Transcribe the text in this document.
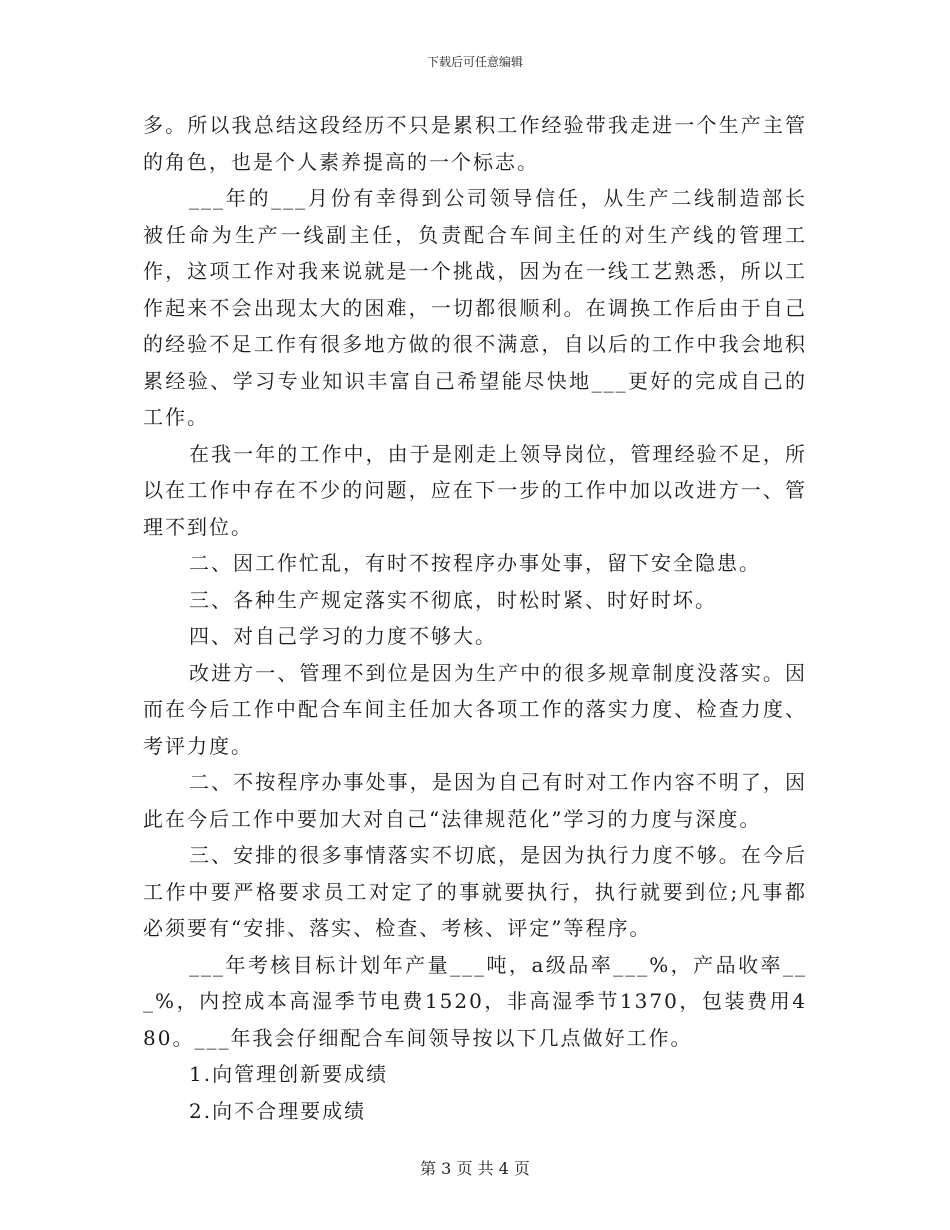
下载后可任意编辑

多。所以我总结这段经历不只是累积工作经验带我走进一个生产主管的角色，也是个人素养提高的一个标志。

___年的___月份有幸得到公司领导信任，从生产二线制造部长被任命为生产一线副主任，负责配合车间主任的对生产线的管理工作，这项工作对我来说就是一个挑战，因为在一线工艺熟悉，所以工作起来不会出现太大的困难，一切都很顺利。在调换工作后由于自己的经验不足工作有很多地方做的很不满意，自以后的工作中我会地积累经验、学习专业知识丰富自己希望能尽快地___更好的完成自己的工作。

在我一年的工作中，由于是刚走上领导岗位，管理经验不足，所以在工作中存在不少的问题，应在下一步的工作中加以改进方一、管理不到位。

二、因工作忙乱，有时不按程序办事处事，留下安全隐患。

三、各种生产规定落实不彻底，时松时紧、时好时坏。

四、对自己学习的力度不够大。

改进方一、管理不到位是因为生产中的很多规章制度没落实。因而在今后工作中配合车间主任加大各项工作的落实力度、检查力度、考评力度。

二、不按程序办事处事，是因为自己有时对工作内容不明了，因此在今后工作中要加大对自己“法律规范化”学习的力度与深度。

三、安排的很多事情落实不切底，是因为执行力度不够。在今后工作中要严格要求员工对定了的事就要执行，执行就要到位;凡事都必须要有“安排、落实、检查、考核、评定”等程序。

___年考核目标计划年产量___吨，a级品率___%，产品收率___%，内控成本高湿季节电费1520，非高湿季节1370，包装费用480。___年我会仔细配合车间领导按以下几点做好工作。

1.向管理创新要成绩

2.向不合理要成绩

第 3 页 共 4 页
